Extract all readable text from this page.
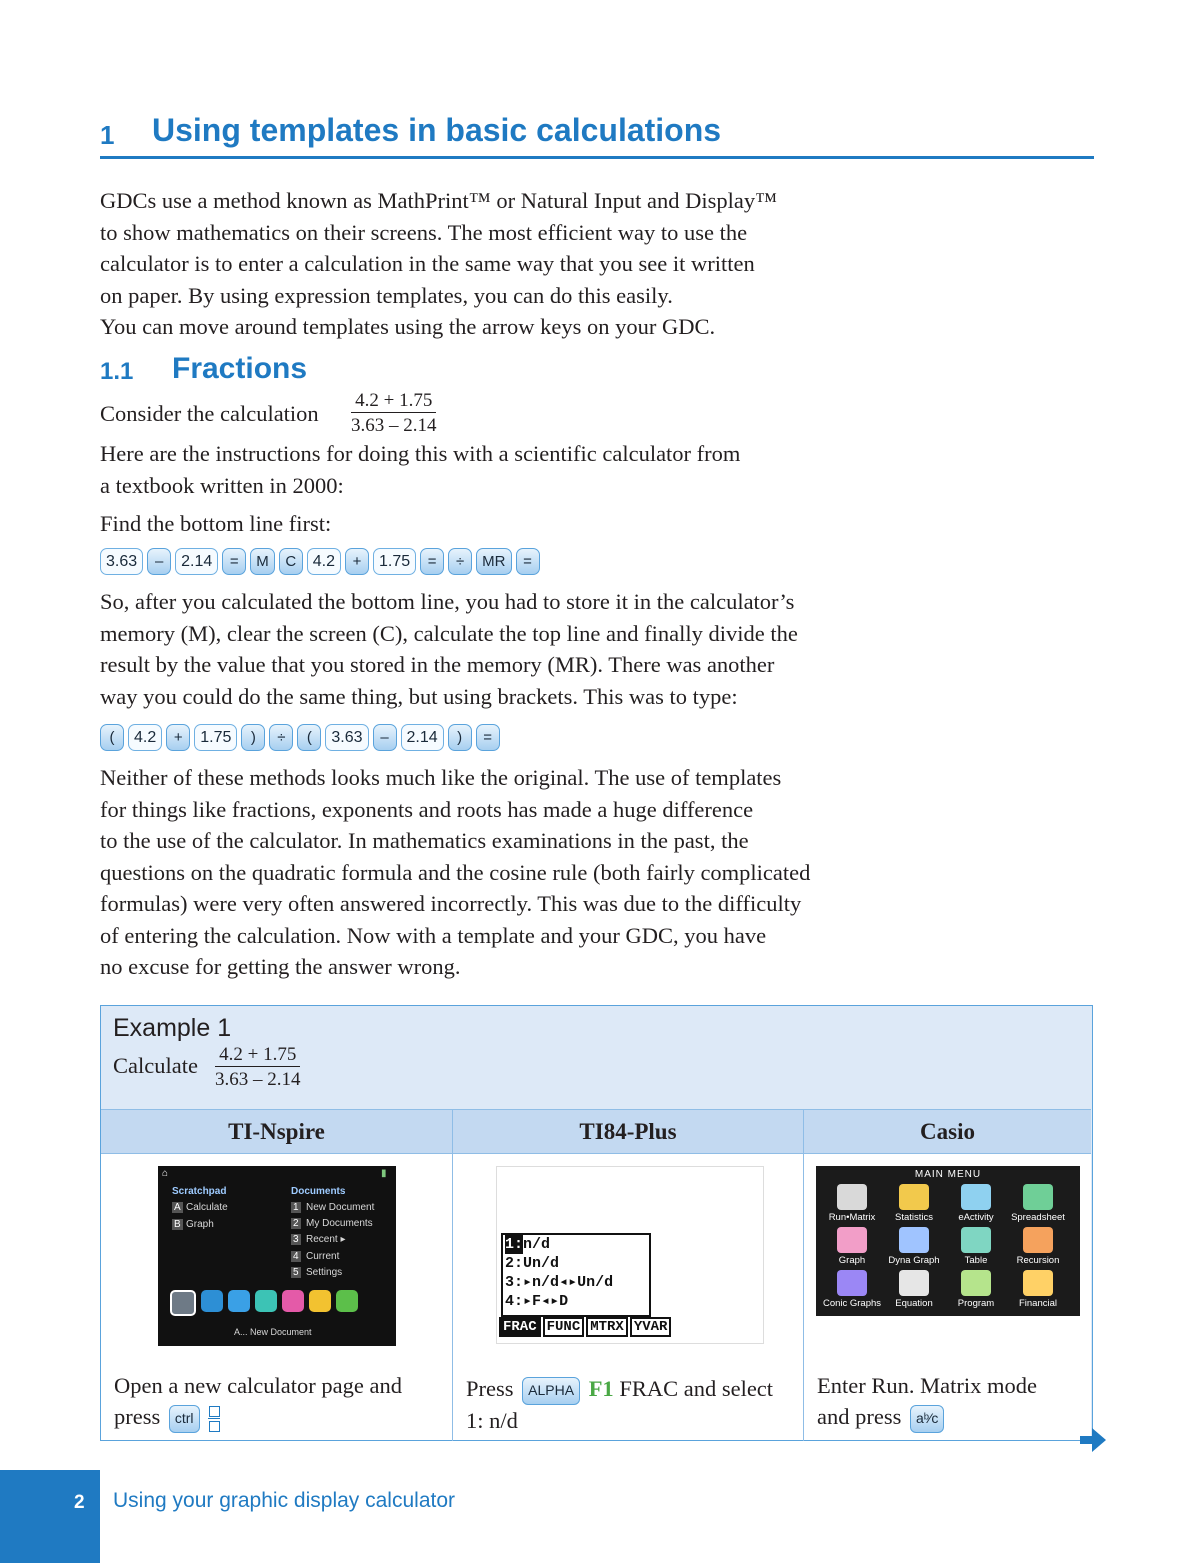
1 Using templates in basic calculations
GDCs use a method known as MathPrint™ or Natural Input and Display™
to show mathematics on their screens. The most efficient way to use the
calculator is to enter a calculation in the same way that you see it written
on paper. By using expression templates, you can do this easily.
You can move around templates using the arrow keys on your GDC.
1.1 Fractions
Consider the calculation $\frac{4.2 + 1.75}{3.63 - 2.14}$
Here are the instructions for doing this with a scientific calculator from
a textbook written in 2000:
Find the bottom line first:
3.63	–	2.14	=	M	C	4.2	+	1.75	=	÷	MR	=
So, after you calculated the bottom line, you had to store it in the calculator’s
memory (M), clear the screen (C), calculate the top line and finally divide the
result by the value that you stored in the memory (MR). There was another
way you could do the same thing, but using brackets. This was to type:
(	4.2	+	1.75	)	÷	(	3.63	–	2.14	)	=
Neither of these methods looks much like the original. The use of templates
for things like fractions, exponents and roots has made a huge difference
to the use of the calculator. In mathematics examinations in the past, the
questions on the quadratic formula and the cosine rule (both fairly complicated
formulas) were very often answered incorrectly. This was due to the difficulty
of entering the calculation. Now with a template and your GDC, you have
no excuse for getting the answer wrong.
Example 1
Calculate $\frac{4.2 + 1.75}{3.63 - 2.14}$
TI-Nspire
⌂	▮
Scratchpad
A Calculate
B Graph
Documents
1 New Document
2 My Documents
3 Recent ▸
4 Current
5 Settings
A... New Document
Open a new calculator page and
press ctrl
TI84-Plus
1:n/d
2:Un/d
3:▸n/d◂▸Un/d
4:▸F◂▸D
FRAC FUNC MTRX YVAR
Press ALPHA F1 FRAC and select
1: n/d
Casio
MAIN MENU
Run•Matrix	Statistics	eActivity	Spreadsheet
Graph	Dyna Graph	Table	Recursion
Conic Graphs	Equation	Program	Financial
Enter Run. Matrix mode
and press aᵇ⁄c
2 Using your graphic display calculator
